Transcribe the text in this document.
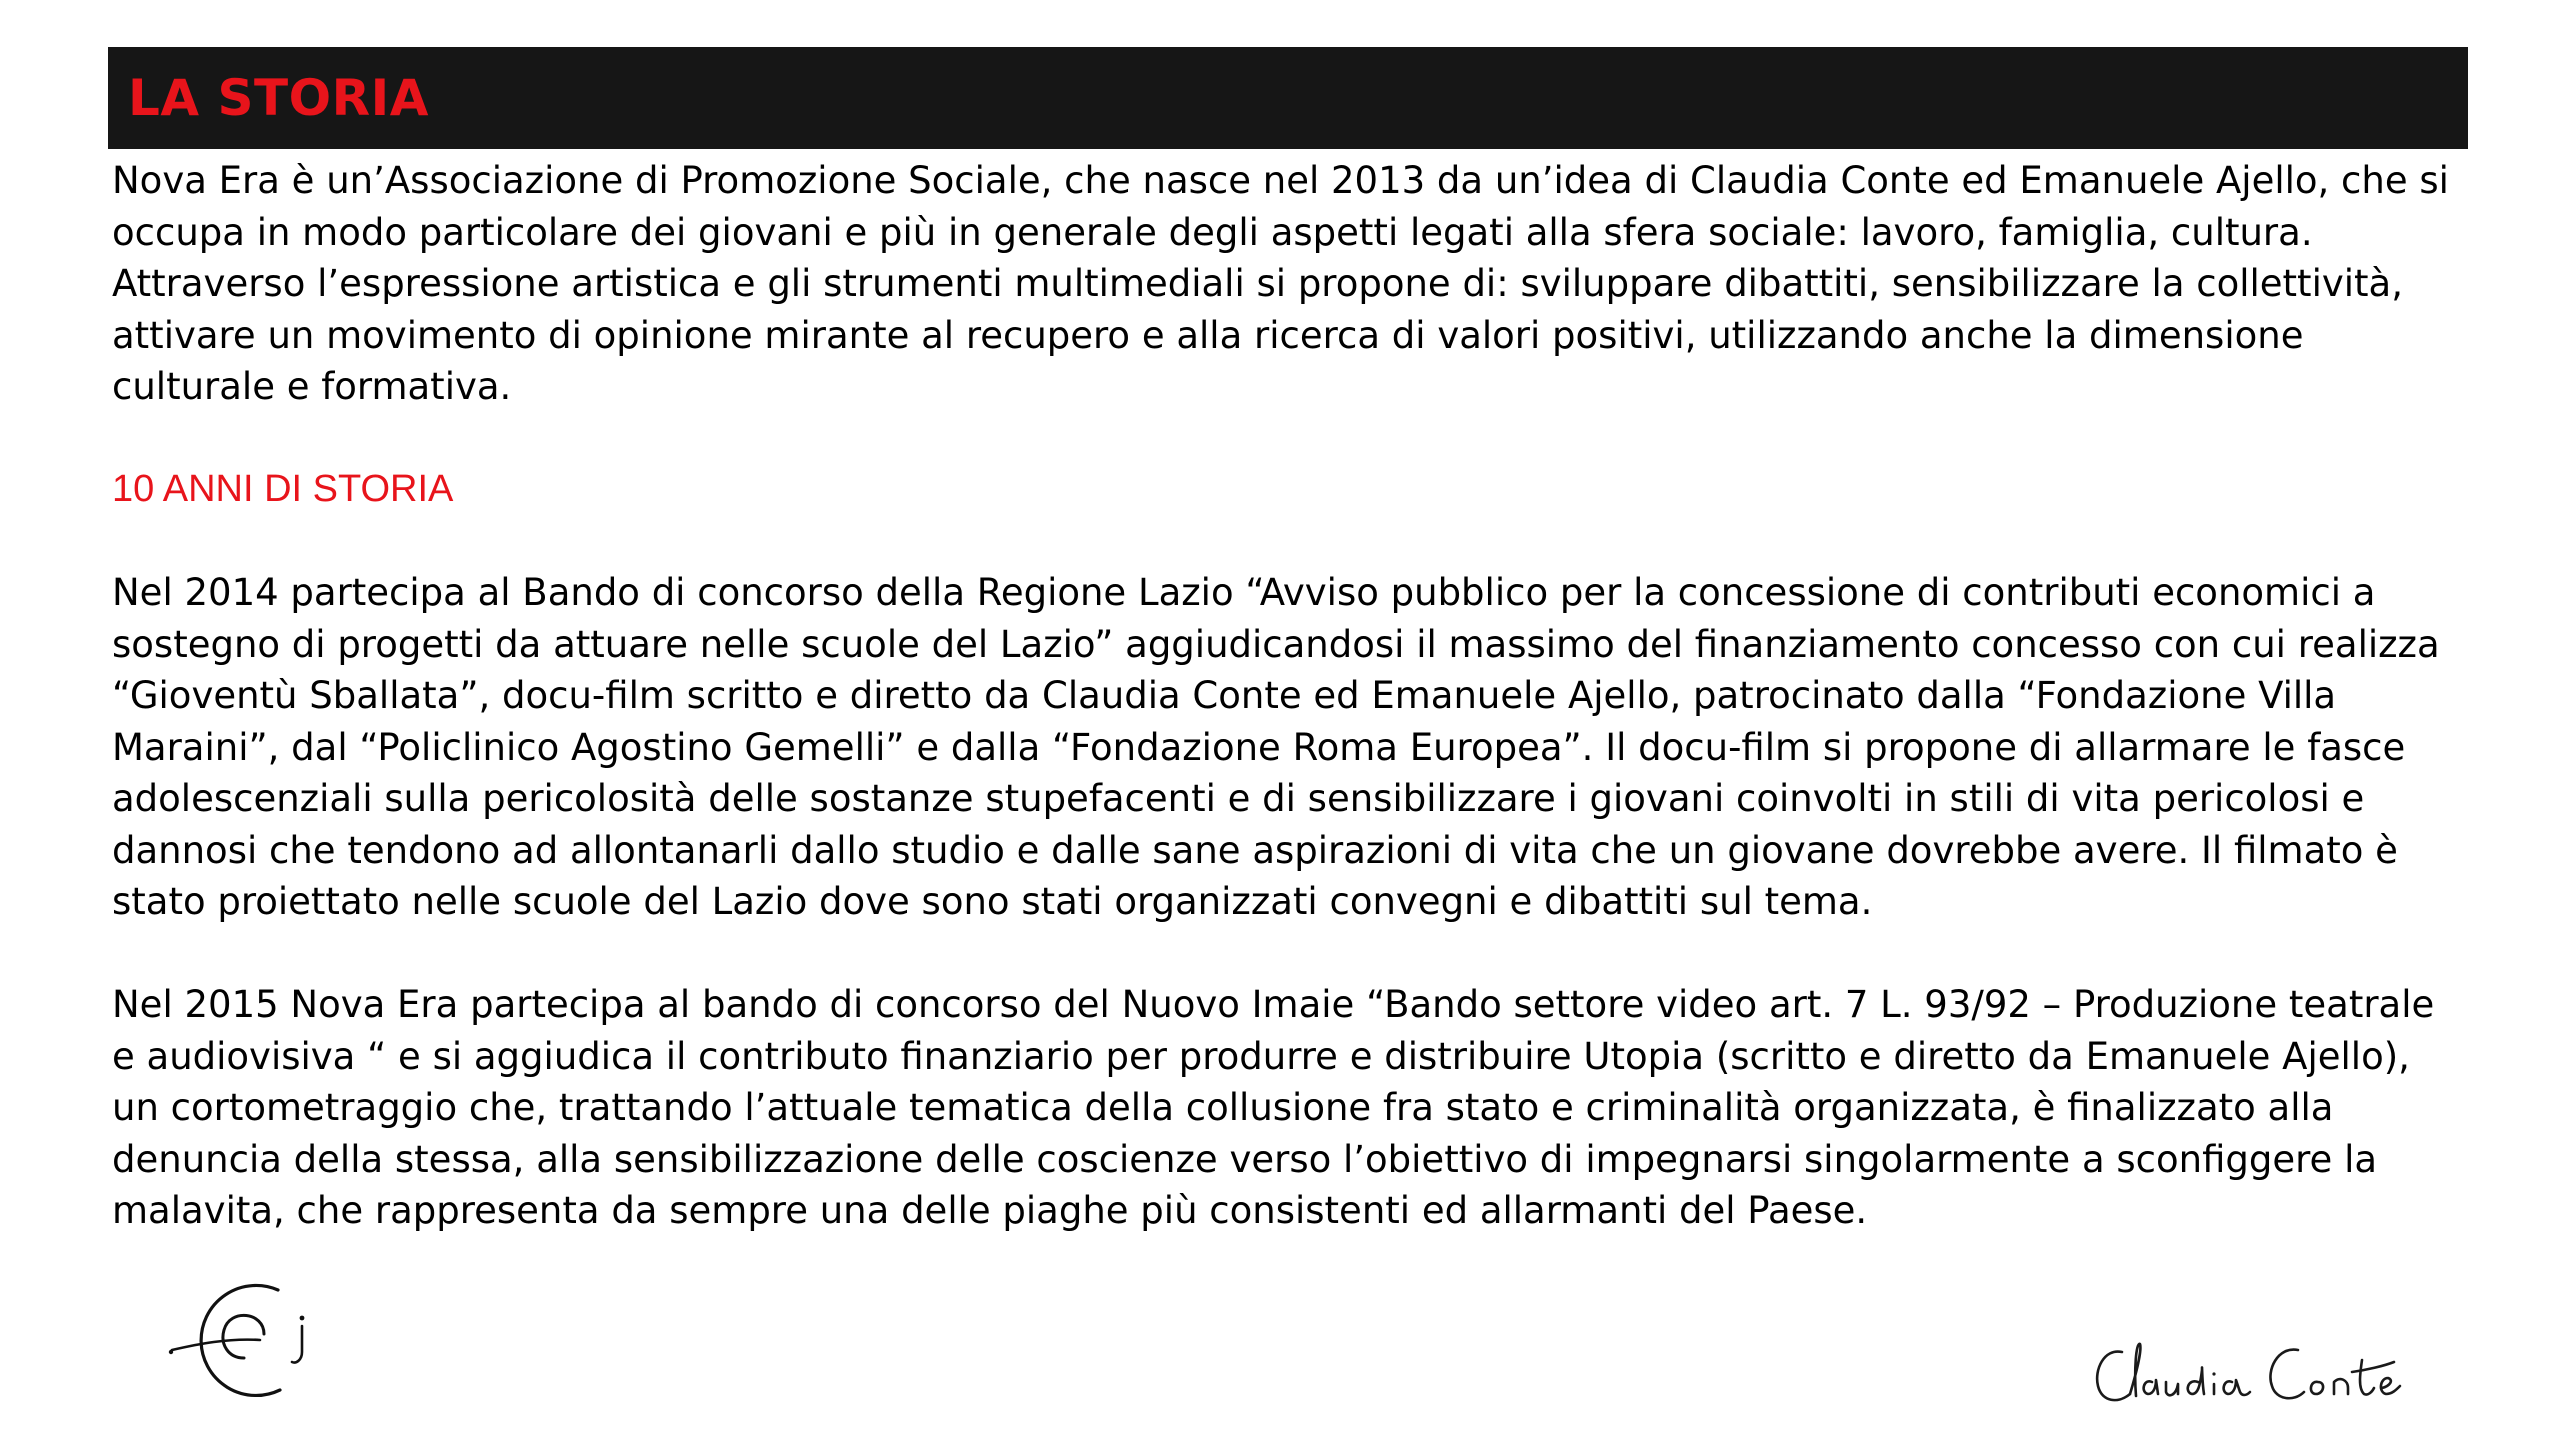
LA STORIA

Nova Era è un’Associazione di Promozione Sociale, che nasce nel 2013 da un’idea di Claudia Conte ed Emanuele Ajello, che si
occupa in modo particolare dei giovani e più in generale degli aspetti legati alla sfera sociale: lavoro, famiglia, cultura.
Attraverso l’espressione artistica e gli strumenti multimediali si propone di: sviluppare dibattiti, sensibilizzare la collettività,
attivare un movimento di opinione mirante al recupero e alla ricerca di valori positivi, utilizzando anche la dimensione
culturale e formativa.

10 ANNI DI STORIA

Nel 2014 partecipa al Bando di concorso della Regione Lazio “Avviso pubblico per la concessione di contributi economici a
sostegno di progetti da attuare nelle scuole del Lazio” aggiudicandosi il massimo del finanziamento concesso con cui realizza
“Gioventù Sballata”, docu-film scritto e diretto da Claudia Conte ed Emanuele Ajello, patrocinato dalla “Fondazione Villa
Maraini”, dal “Policlinico Agostino Gemelli” e dalla “Fondazione Roma Europea”. Il docu-film si propone di allarmare le fasce
adolescenziali sulla pericolosità delle sostanze stupefacenti e di sensibilizzare i giovani coinvolti in stili di vita pericolosi e
dannosi che tendono ad allontanarli dallo studio e dalle sane aspirazioni di vita che un giovane dovrebbe avere. Il filmato è
stato proiettato nelle scuole del Lazio dove sono stati organizzati convegni e dibattiti sul tema.

Nel 2015 Nova Era partecipa al bando di concorso del Nuovo Imaie “Bando settore video art. 7 L. 93/92 – Produzione teatrale
e audiovisiva “ e si aggiudica il contributo finanziario per produrre e distribuire Utopia (scritto e diretto da Emanuele Ajello),
un cortometraggio che, trattando l’attuale tematica della collusione fra stato e criminalità organizzata, è finalizzato alla
denuncia della stessa, alla sensibilizzazione delle coscienze verso l’obiettivo di impegnarsi singolarmente a sconfiggere la
malavita, che rappresenta da sempre una delle piaghe più consistenti ed allarmanti del Paese.
